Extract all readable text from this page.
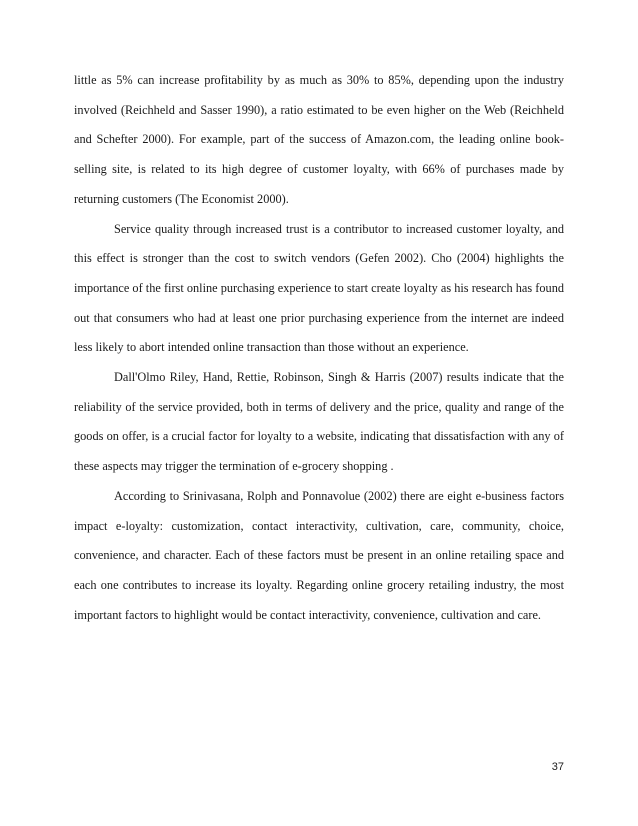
little as 5% can increase profitability by as much as 30% to 85%, depending upon the industry involved (Reichheld and Sasser 1990), a ratio estimated to be even higher on the Web (Reichheld and Schefter 2000). For example, part of the success of Amazon.com, the leading online book-selling site, is related to its high degree of customer loyalty, with 66% of purchases made by returning customers (The Economist 2000).

Service quality through increased trust is a contributor to increased customer loyalty, and this effect is stronger than the cost to switch vendors (Gefen 2002). Cho (2004) highlights the importance of the first online purchasing experience to start create loyalty as his research has found out that consumers who had at least one prior purchasing experience from the internet are indeed less likely to abort intended online transaction than those without an experience.

Dall'Olmo Riley, Hand, Rettie, Robinson, Singh & Harris (2007) results indicate that the reliability of the service provided, both in terms of delivery and the price, quality and range of the goods on offer, is a crucial factor for loyalty to a website, indicating that dissatisfaction with any of these aspects may trigger the termination of e-grocery shopping .

According to Srinivasana, Rolph and Ponnavolue (2002) there are eight e-business factors impact e-loyalty: customization, contact interactivity, cultivation, care, community, choice, convenience, and character. Each of these factors must be present in an online retailing space and each one contributes to increase its loyalty. Regarding online grocery retailing industry, the most important factors to highlight would be contact interactivity, convenience, cultivation and care.

37
